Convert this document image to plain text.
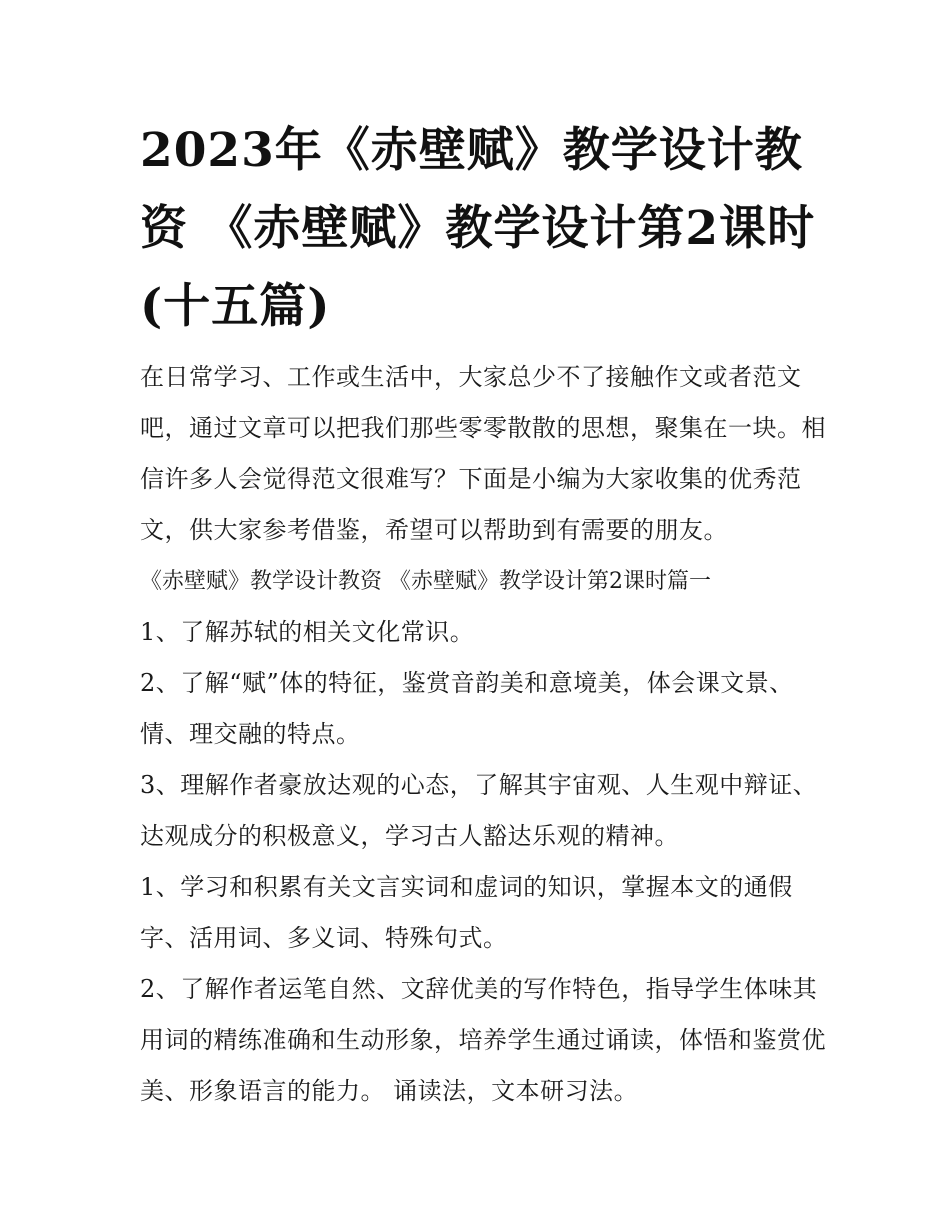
2023年《赤壁赋》教学设计教资 《赤壁赋》教学设计第2课时(十五篇)

在日常学习、工作或生活中，大家总少不了接触作文或者范文吧，通过文章可以把我们那些零零散散的思想，聚集在一块。相信许多人会觉得范文很难写？下面是小编为大家收集的优秀范文，供大家参考借鉴，希望可以帮助到有需要的朋友。

《赤壁赋》教学设计教资 《赤壁赋》教学设计第2课时篇一

1、了解苏轼的相关文化常识。

2、了解“赋”体的特征，鉴赏音韵美和意境美，体会课文景、情、理交融的特点。

3、理解作者豪放达观的心态，了解其宇宙观、人生观中辩证、达观成分的积极意义，学习古人豁达乐观的精神。

1、学习和积累有关文言实词和虚词的知识，掌握本文的通假字、活用词、多义词、特殊句式。

2、了解作者运笔自然、文辞优美的写作特色，指导学生体味其用词的精练准确和生动形象，培养学生通过诵读，体悟和鉴赏优美、形象语言的能力。 诵读法，文本研习法。
